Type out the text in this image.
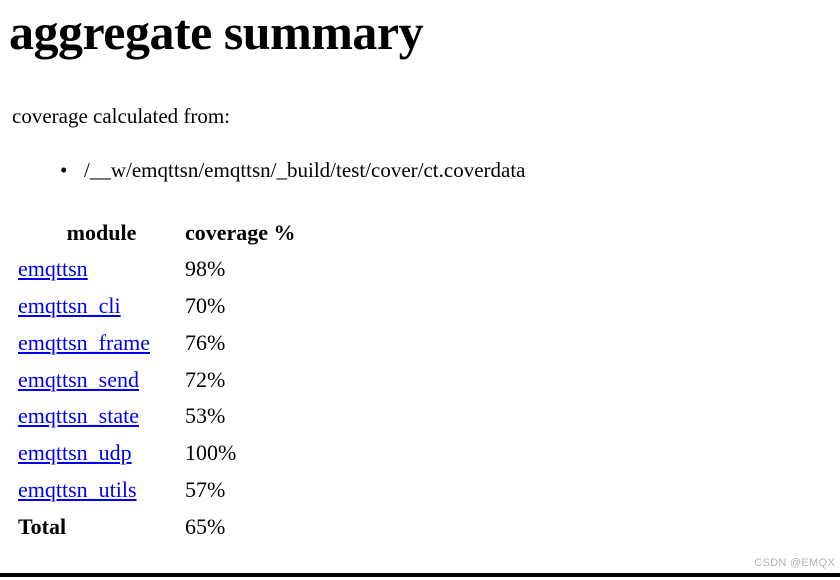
aggregate summary

coverage calculated from:

• /__w/emqttsn/emqttsn/_build/test/cover/ct.coverdata
module	coverage %
emqttsn	98%
emqttsn_cli	70%
emqttsn_frame	76%
emqttsn_send	72%
emqttsn_state	53%
emqttsn_udp	100%
emqttsn_utils	57%
Total	65%
CSDN @EMQX
